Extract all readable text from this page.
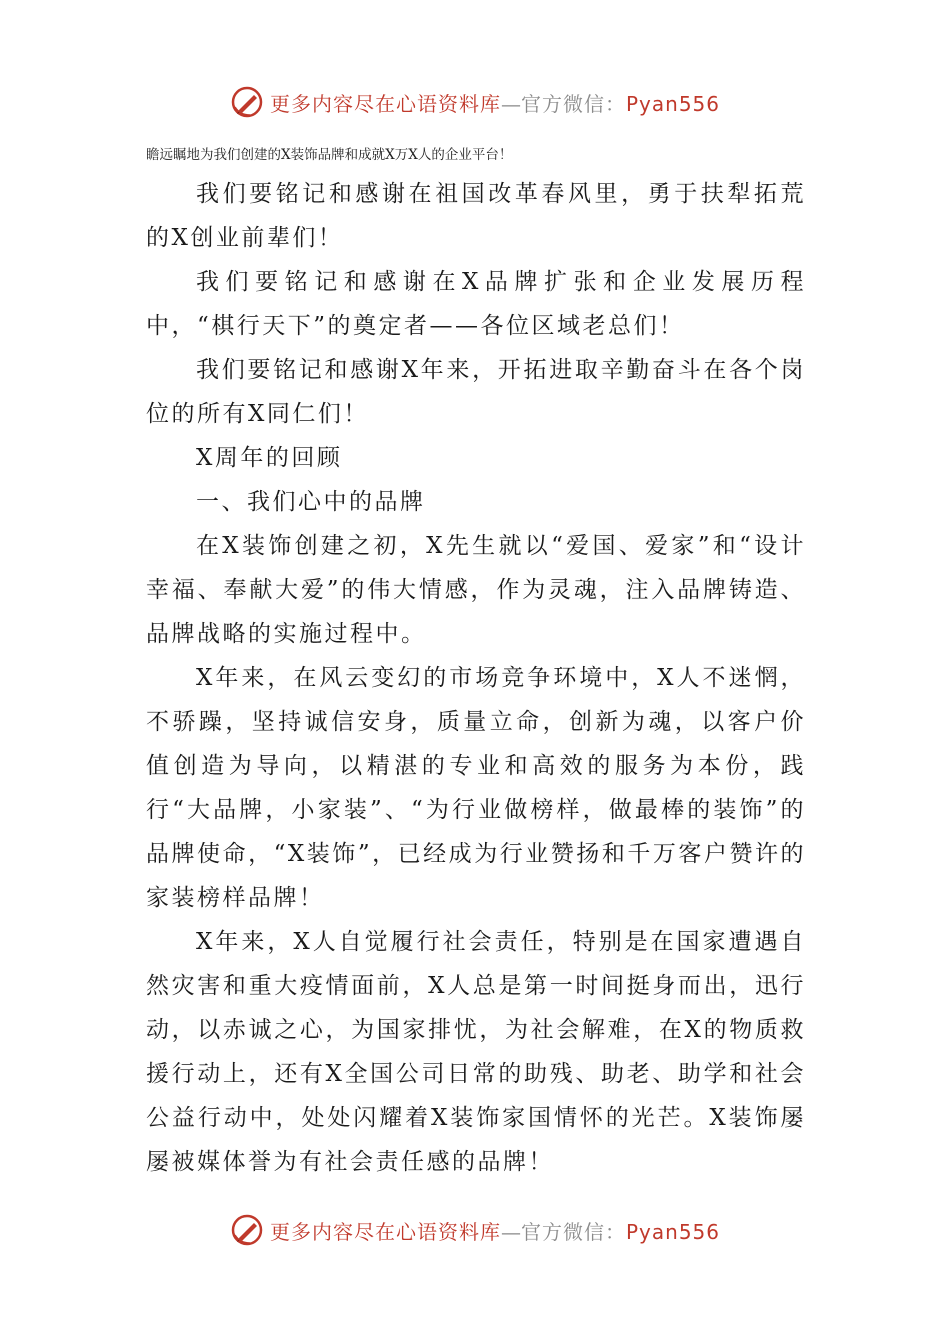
更多内容尽在心语资料库—官方微信：Pyan556
瞻远瞩地为我们创建的X装饰品牌和成就X万X人的企业平台！

我们要铭记和感谢在祖国改革春风里，勇于扶犁拓荒的X创业前辈们！

我们要铭记和感谢在X品牌扩张和企业发展历程中，“棋行天下”的奠定者——各位区域老总们！

我们要铭记和感谢X年来，开拓进取辛勤奋斗在各个岗位的所有X同仁们！

X周年的回顾

一、我们心中的品牌

在X装饰创建之初，X先生就以“爱国、爱家”和“设计幸福、奉献大爱”的伟大情感，作为灵魂，注入品牌铸造、品牌战略的实施过程中。

X年来，在风云变幻的市场竞争环境中，X人不迷惘，不骄躁，坚持诚信安身，质量立命，创新为魂，以客户价值创造为导向，以精湛的专业和高效的服务为本份，践行“大品牌，小家装”、“为行业做榜样，做最棒的装饰”的品牌使命，“X装饰”，已经成为行业赞扬和千万客户赞许的家装榜样品牌！

X年来，X人自觉履行社会责任，特别是在国家遭遇自然灾害和重大疫情面前，X人总是第一时间挺身而出，迅行动，以赤诚之心，为国家排忧，为社会解难，在X的物质救援行动上，还有X全国公司日常的助残、助老、助学和社会公益行动中，处处闪耀着X装饰家国情怀的光芒。X装饰屡屡被媒体誉为有社会责任感的品牌！

更多内容尽在心语资料库—官方微信：Pyan556
